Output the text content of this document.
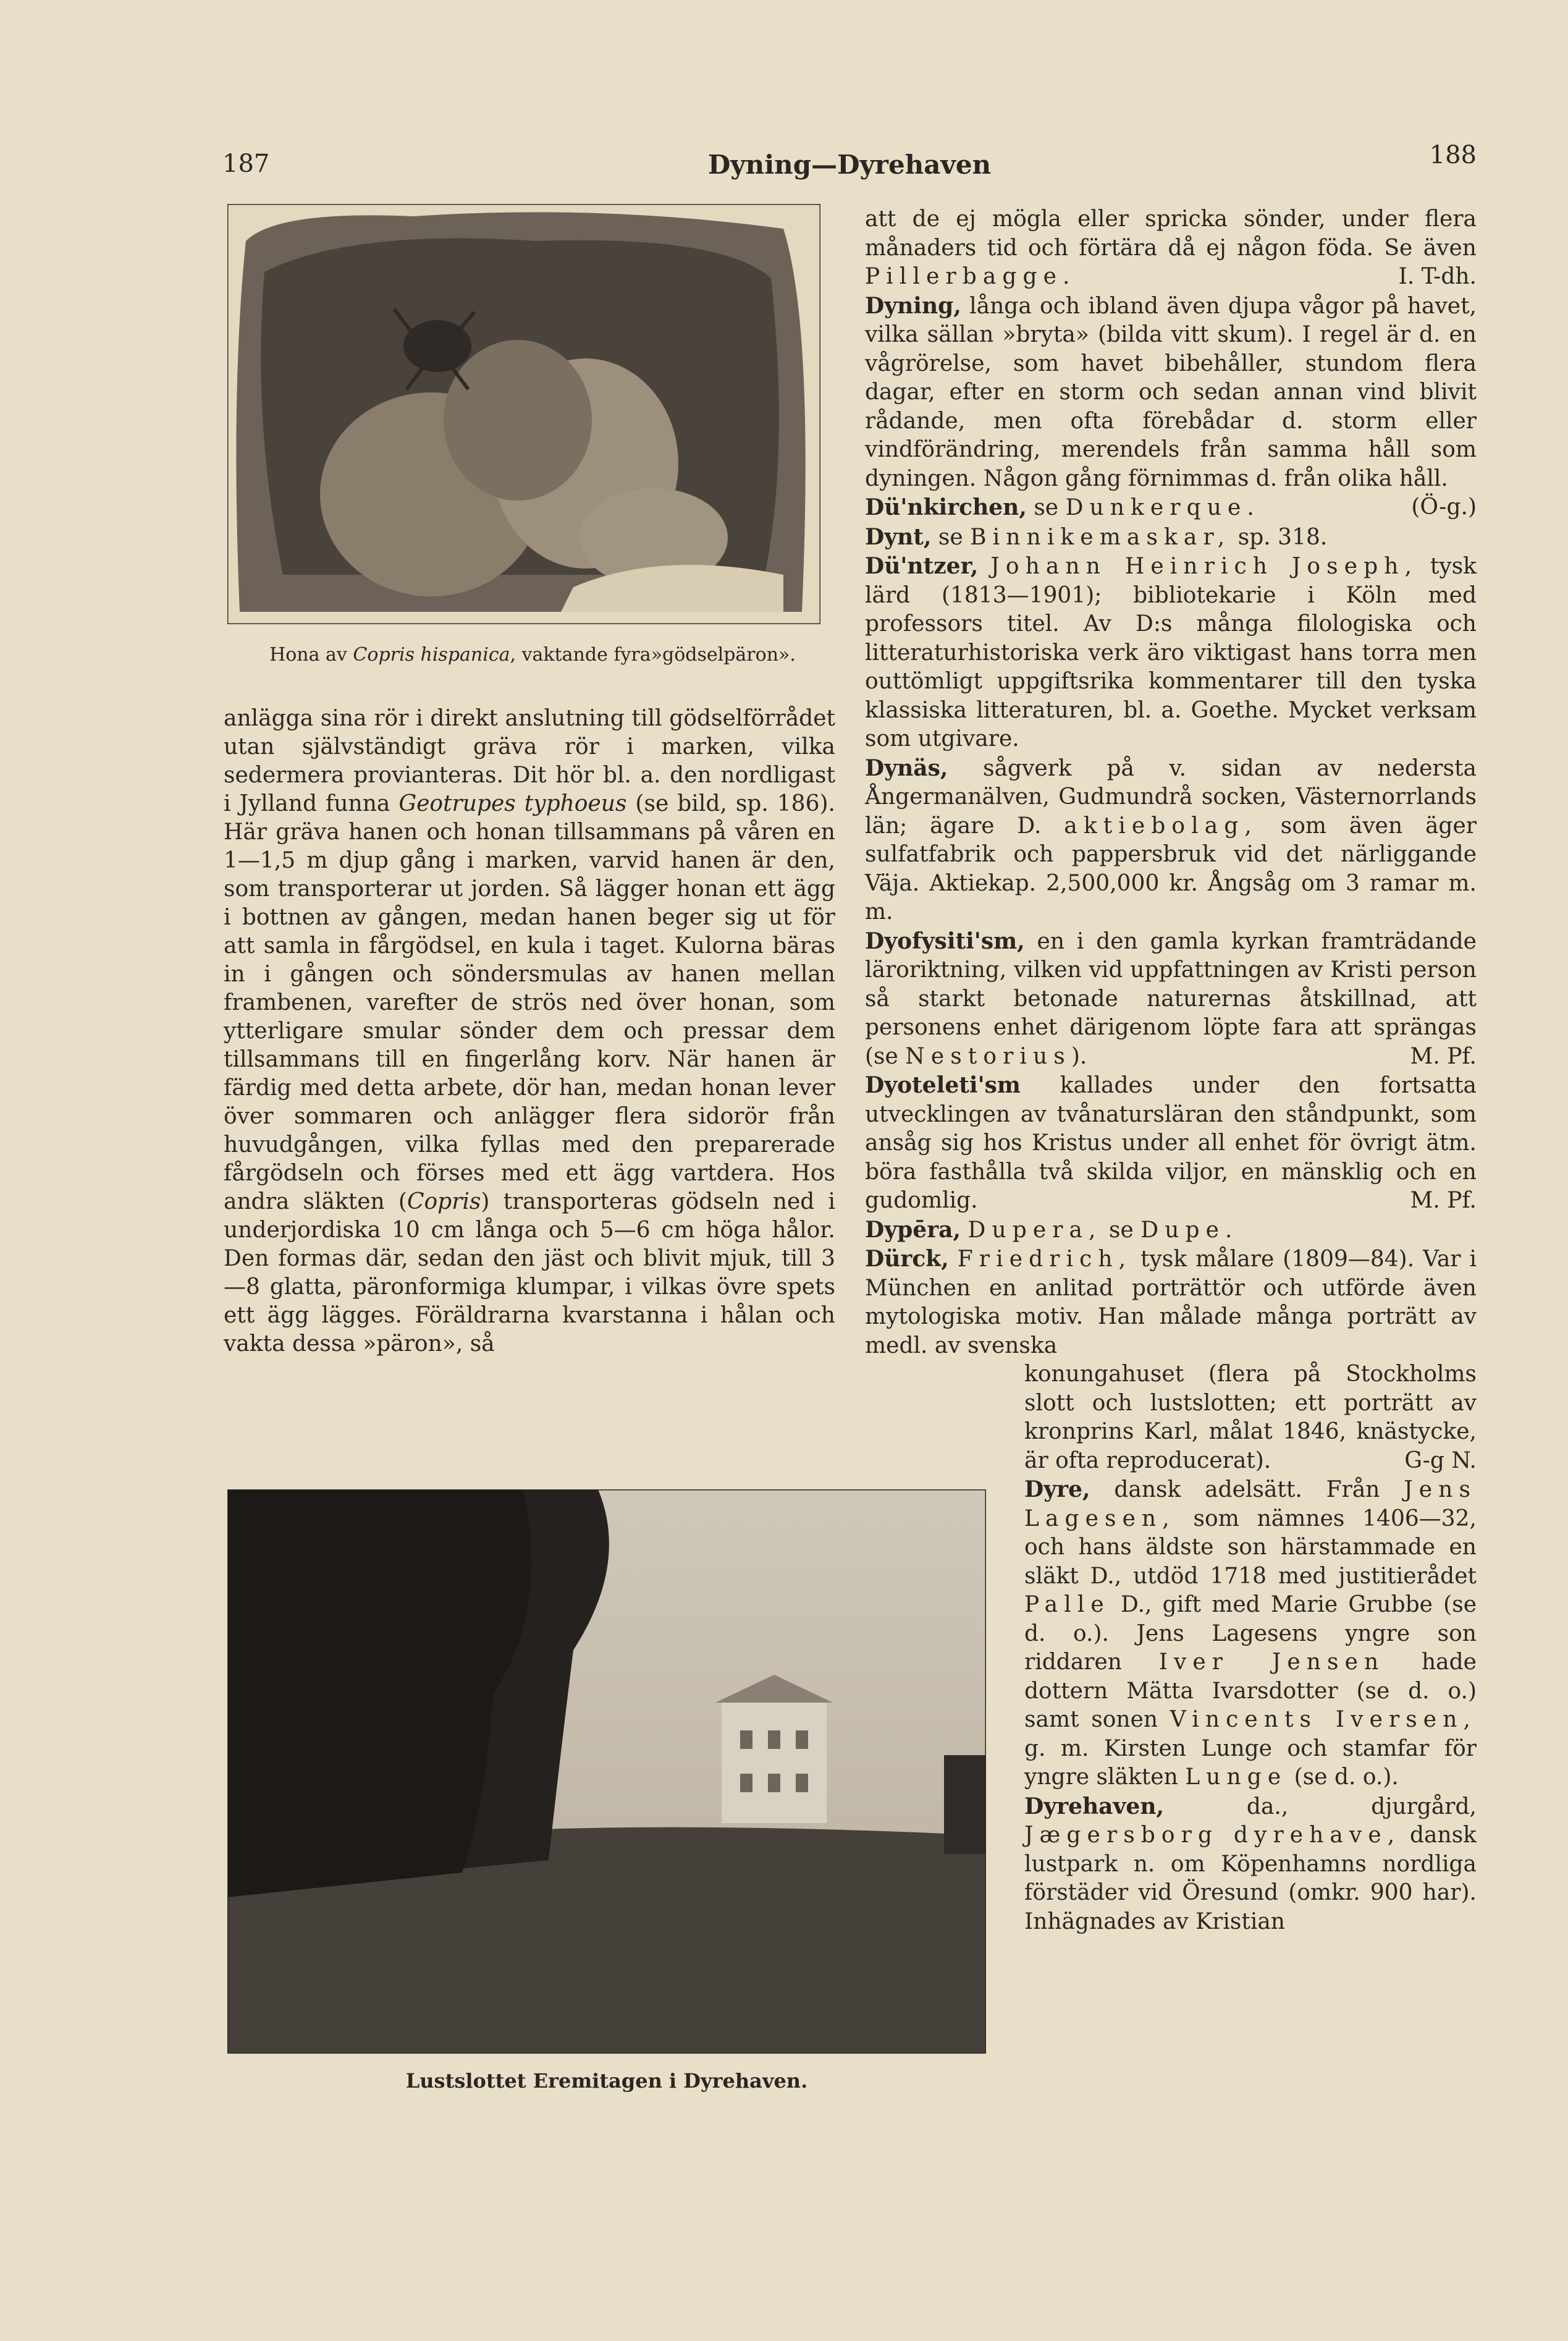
187	Dyning—Dyrehaven	188
Hona av Copris hispanica, vaktande fyra»gödselpäron».

anlägga sina rör i direkt anslutning till gödselförrådet utan självständigt gräva rör i marken, vilka sedermera provianteras. Dit hör bl. a. den nordligast i Jylland funna Geotrupes typhoeus (se bild, sp. 186). Här gräva hanen och honan tillsammans på våren en 1—1,5 m djup gång i marken, varvid hanen är den, som transporterar ut jorden. Så lägger honan ett ägg i bottnen av gången, medan hanen beger sig ut för att samla in fårgödsel, en kula i taget. Kulorna bäras in i gången och söndersmulas av hanen mellan frambenen, varefter de strös ned över honan, som ytterligare smular sönder dem och pressar dem tillsammans till en fingerlång korv. När hanen är färdig med detta arbete, dör han, medan honan lever över sommaren och anlägger flera sidorör från huvudgången, vilka fyllas med den preparerade fårgödseln och förses med ett ägg vartdera. Hos andra släkten (Copris) transporteras gödseln ned i underjordiska 10 cm långa och 5—6 cm höga hålor. Den formas där, sedan den jäst och blivit mjuk, till 3—8 glatta, päronformiga klumpar, i vilkas övre spets ett ägg lägges. Föräldrarna kvarstanna i hålan och vakta dessa »päron», så

Lustslottet Eremitagen i Dyrehaven.

att de ej mögla eller spricka sönder, under flera månaders tid och förtära då ej någon föda. Se även Pillerbagge.	I. T-dh.

Dyning, långa och ibland även djupa vågor på havet, vilka sällan »bryta» (bilda vitt skum). I regel är d. en vågrörelse, som havet bibehåller, stundom flera dagar, efter en storm och sedan annan vind blivit rådande, men ofta förebådar d. storm eller vindförändring, merendels från samma håll som dyningen. Någon gång förnimmas d. från olika håll.
(Ö-g.)

Dü'nkirchen, se Dunkerque.

Dynt, se Binnikemaskar, sp. 318.

Dü'ntzer, Johann Heinrich Joseph, tysk lärd (1813—1901); bibliotekarie i Köln med professors titel. Av D:s många filologiska och litteraturhistoriska verk äro viktigast hans torra men outtömligt uppgiftsrika kommentarer till den tyska klassiska litteraturen, bl. a. Goethe. Mycket verksam som utgivare.

Dynäs, sågverk på v. sidan av nedersta Ångermanälven, Gudmundrå socken, Västernorrlands län; ägare D. aktiebolag, som även äger sulfatfabrik och pappersbruk vid det närliggande Väja. Aktiekap. 2,500,000 kr. Ångsåg om 3 ramar m. m.

Dyofysiti'sm, en i den gamla kyrkan framträdande läroriktning, vilken vid uppfattningen av Kristi person så starkt betonade naturernas åtskillnad, att personens enhet därigenom löpte fara att sprängas (se Nestorius).	M. Pf.

Dyoteleti'sm kallades under den fortsatta utvecklingen av tvånatursläran den ståndpunkt, som ansåg sig hos Kristus under all enhet för övrigt ätm. böra fasthålla två skilda viljor, en mänsklig och en gudomlig.	M. Pf.

Dypēra, Dupera, se Dupe.

Dürck, Friedrich, tysk målare (1809—84). Var i München en anlitad porträttör och utförde även mytologiska motiv. Han målade många porträtt av medl. av svenska

konungahuset (flera på Stockholms slott och lustslotten; ett porträtt av kronprins Karl, målat 1846, knästycke, är ofta reproducerat).	G-g N.

Dyre, dansk adelsätt. Från Jens Lagesen, som nämnes 1406—32, och hans äldste son härstammade en släkt D., utdöd 1718 med justitierådet Palle D., gift med Marie Grubbe (se d. o.). Jens Lagesens yngre son riddaren Iver Jensen hade dottern Mätta Ivarsdotter (se d. o.) samt sonen Vincents Iversen, g. m. Kirsten Lunge och stamfar för yngre släkten Lunge (se d. o.).

Dyrehaven, da., djurgård, Jægersborg dyrehave, dansk lustpark n. om Köpenhamns nordliga förstäder vid Öresund (omkr. 900 har). Inhägnades av Kristian
